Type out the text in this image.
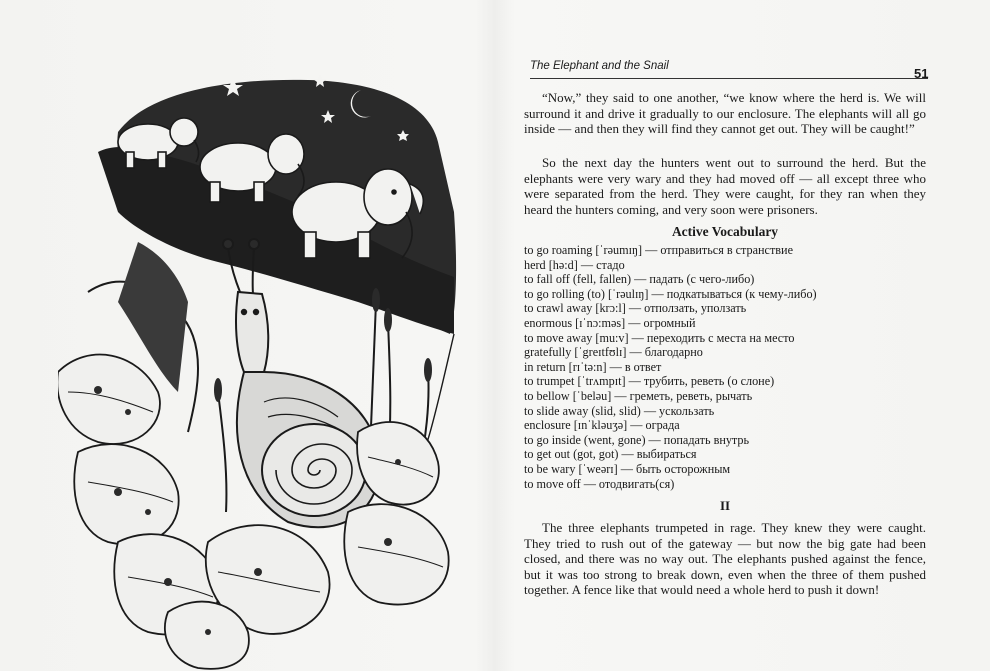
The Elephant and the Snail	51

“Now,” they said to one another, “we know where the herd is. We will surround it and drive it gradually to our enclosure. The elephants will all go inside — and then they will find they cannot get out. They will be caught!”

So the next day the hunters went out to surround the herd. But the elephants were very wary and they had moved off — all except three who were separated from the herd. They were caught, for they ran when they heard the hunters coming, and very soon were prisoners.

Active Vocabulary
to go roaming [ˈrəumɪŋ] — отправиться в странствие
herd [hə:d] — стадо
to fall off (fell, fallen) — падать (с чего-либо)
to go rolling (to) [ˈrəulɪŋ] — подкатываться (к чему-либо)
to crawl away [krɔ:l] — отползать, уползать
enormous [ɪˈnɔ:məs] — огромный
to move away [mu:v] — переходить с места на место
gratefully [ˈgreɪtfʊlɪ] — благодарно
in return [rɪˈtə:n] — в ответ
to trumpet [ˈtrʌmpɪt] — трубить, реветь (о слоне)
to bellow [ˈbeləu] — греметь, реветь, рычать
to slide away (slid, slid) — ускользать
enclosure [ɪnˈkləuʒə] — ограда
to go inside (went, gone) — попадать внутрь
to get out (got, got) — выбираться
to be wary [ˈweərɪ] — быть осторожным
to move off — отодвигать(ся)
II

The three elephants trumpeted in rage. They knew they were caught. They tried to rush out of the gateway — but now the big gate had been closed, and there was no way out. The elephants pushed against the fence, but it was too strong to break down, even when the three of them pushed together. A fence like that would need a whole herd to push it down!
